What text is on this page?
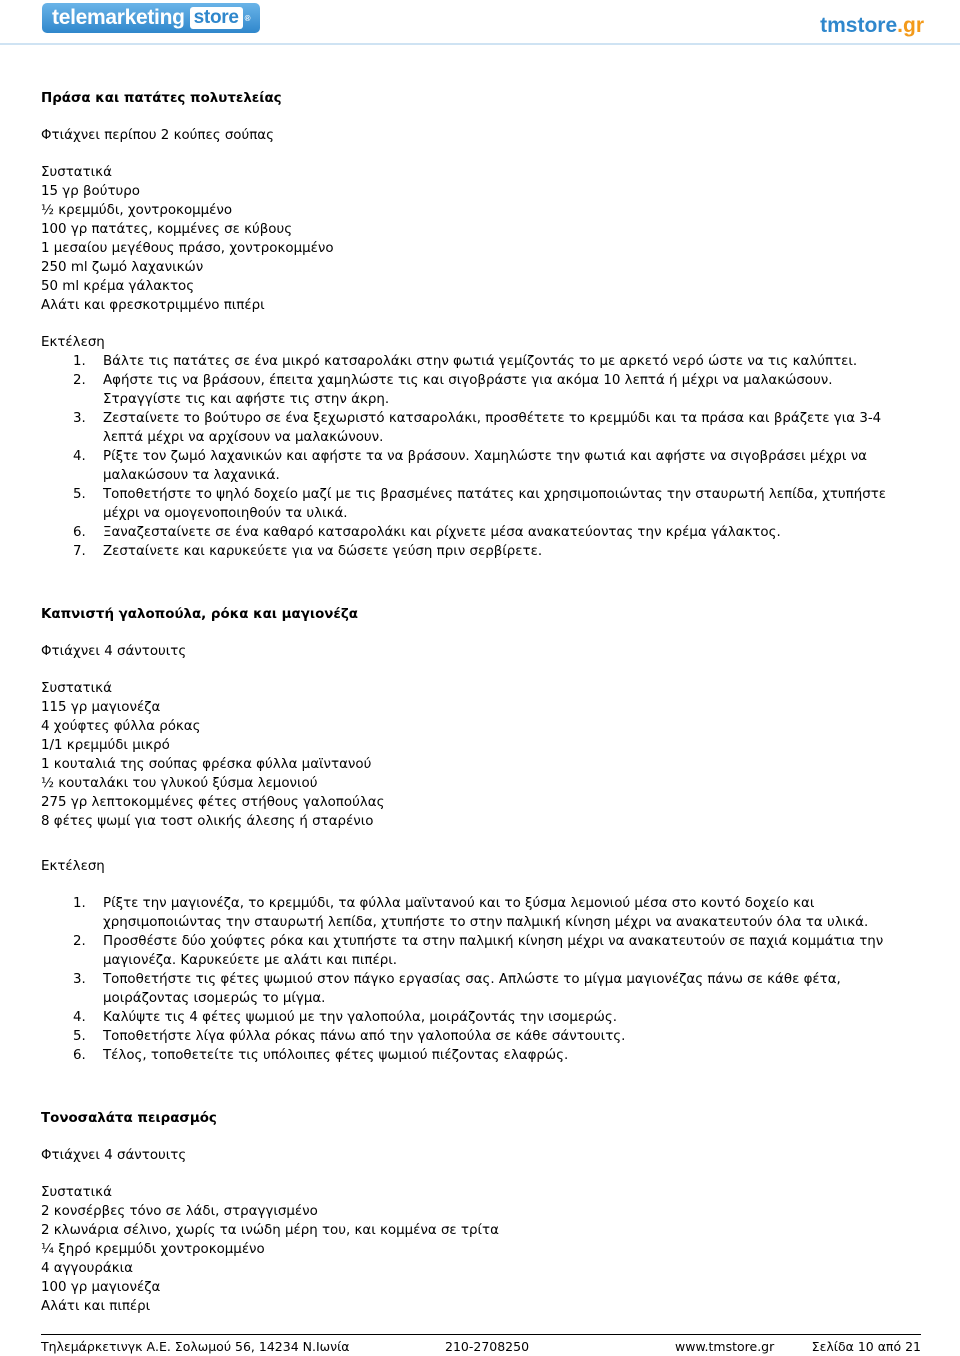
telemarketing store ®	tmstore.gr
Πράσα και πατάτες πολυτελείας
Φτιάχνει περίπου 2 κούπες σούπας
Συστατικά
15 γρ βούτυρο
½ κρεμμύδι, χοντροκομμένο
100 γρ πατάτες, κομμένες σε κύβους
1 μεσαίου μεγέθους πράσο, χοντροκομμένο
250 ml ζωμό λαχανικών
50 ml κρέμα γάλακτος
Αλάτι και φρεσκοτριμμένο πιπέρι
Εκτέλεση
1.	Βάλτε τις πατάτες σε ένα μικρό κατσαρολάκι στην φωτιά γεμίζοντάς το με αρκετό νερό ώστε να τις καλύπτει.
2.	Αφήστε τις να βράσουν, έπειτα χαμηλώστε τις και σιγοβράστε για ακόμα 10 λεπτά ή μέχρι να μαλακώσουν. Στραγγίστε τις και αφήστε τις στην άκρη.
3.	Ζεσταίνετε το βούτυρο σε ένα ξεχωριστό κατσαρολάκι, προσθέτετε το κρεμμύδι και τα πράσα και βράζετε για 3-4 λεπτά μέχρι να αρχίσουν να μαλακώνουν.
4.	Ρίξτε τον ζωμό λαχανικών και αφήστε τα να βράσουν. Χαμηλώστε την φωτιά και αφήστε να σιγοβράσει μέχρι να μαλακώσουν τα λαχανικά.
5.	Τοποθετήστε το ψηλό δοχείο μαζί με τις βρασμένες πατάτες και χρησιμοποιώντας την σταυρωτή λεπίδα, χτυπήστε μέχρι να ομογενοποιηθούν τα υλικά.
6.	Ξαναζεσταίνετε σε ένα καθαρό κατσαρολάκι και ρίχνετε μέσα ανακατεύοντας την κρέμα γάλακτος.
7.	Ζεσταίνετε και καρυκεύετε για να δώσετε γεύση πριν σερβίρετε.
Καπνιστή γαλοπούλα, ρόκα και μαγιονέζα
Φτιάχνει 4 σάντουιτς
Συστατικά
115 γρ μαγιονέζα
4 χούφτες φύλλα ρόκας
1/1 κρεμμύδι μικρό
1 κουταλιά της σούπας φρέσκα φύλλα μαϊντανού
½ κουταλάκι του γλυκού ξύσμα λεμονιού
275 γρ λεπτοκομμένες φέτες στήθους γαλοπούλας
8 φέτες ψωμί για τοστ ολικής άλεσης ή σταρένιο
Εκτέλεση
1.	Ρίξτε την μαγιονέζα, το κρεμμύδι, τα φύλλα μαϊντανού και το ξύσμα λεμονιού μέσα στο κοντό δοχείο και χρησιμοποιώντας την σταυρωτή λεπίδα, χτυπήστε το στην παλμική κίνηση μέχρι να ανακατευτούν όλα τα υλικά.
2.	Προσθέστε δύο χούφτες ρόκα και χτυπήστε τα στην παλμική κίνηση μέχρι να ανακατευτούν σε παχιά κομμάτια την μαγιονέζα. Καρυκεύετε με αλάτι και πιπέρι.
3.	Τοποθετήστε τις φέτες ψωμιού στον πάγκο εργασίας σας. Απλώστε το μίγμα μαγιονέζας πάνω σε κάθε φέτα, μοιράζοντας ισομερώς το μίγμα.
4.	Καλύψτε τις 4 φέτες ψωμιού με την γαλοπούλα, μοιράζοντάς την ισομερώς.
5.	Τοποθετήστε λίγα φύλλα ρόκας πάνω από την γαλοπούλα σε κάθε σάντουιτς.
6.	Τέλος, τοποθετείτε τις υπόλοιπες φέτες ψωμιού πιέζοντας ελαφρώς.
Τονοσαλάτα πειρασμός
Φτιάχνει 4 σάντουιτς
Συστατικά
2 κονσέρβες τόνο σε λάδι, στραγγισμένο
2 κλωνάρια σέλινο, χωρίς τα ινώδη μέρη του, και κομμένα σε τρίτα
¼ ξηρό κρεμμύδι χοντροκομμένο
4 αγγουράκια
100 γρ μαγιονέζα
Αλάτι και πιπέρι
Τηλεμάρκετινγκ Α.Ε. Σολωμού 56, 14234 Ν.Ιωνία	210-2708250	www.tmstore.gr	Σελίδα 10 από 21
